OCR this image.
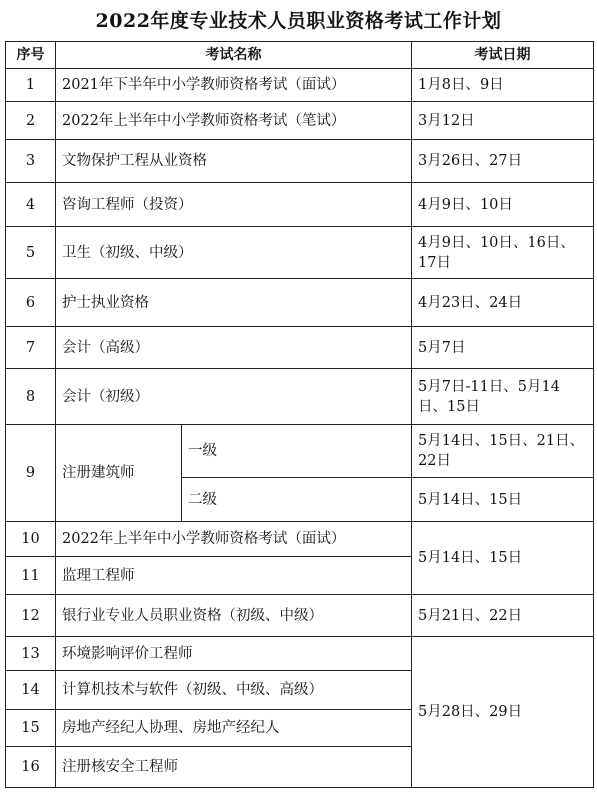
2022年度专业技术人员职业资格考试工作计划
序号	考试名称		考试日期
1	2021年下半年中小学教师资格考试（面试）		1月8日、9日
2	2022年上半年中小学教师资格考试（笔试）		3月12日
3	文物保护工程从业资格		3月26日、27日
4	咨询工程师（投资）		4月9日、10日
5	卫生（初级、中级）		4月9日、10日、16日、17日
6	护士执业资格		4月23日、24日
7	会计（高级）		5月7日
8	会计（初级）		5月7日-11日、5月14日、15日
9	注册建筑师	一级	5月14日、15日、21日、22日
		二级	5月14日、15日
10	2022年上半年中小学教师资格考试（面试）		5月14日、15日
11	监理工程师		
12	银行业专业人员职业资格（初级、中级）		5月21日、22日
13	环境影响评价工程师		5月28日、29日
14	计算机技术与软件（初级、中级、高级）		
15	房地产经纪人协理、房地产经纪人		
16	注册核安全工程师		
